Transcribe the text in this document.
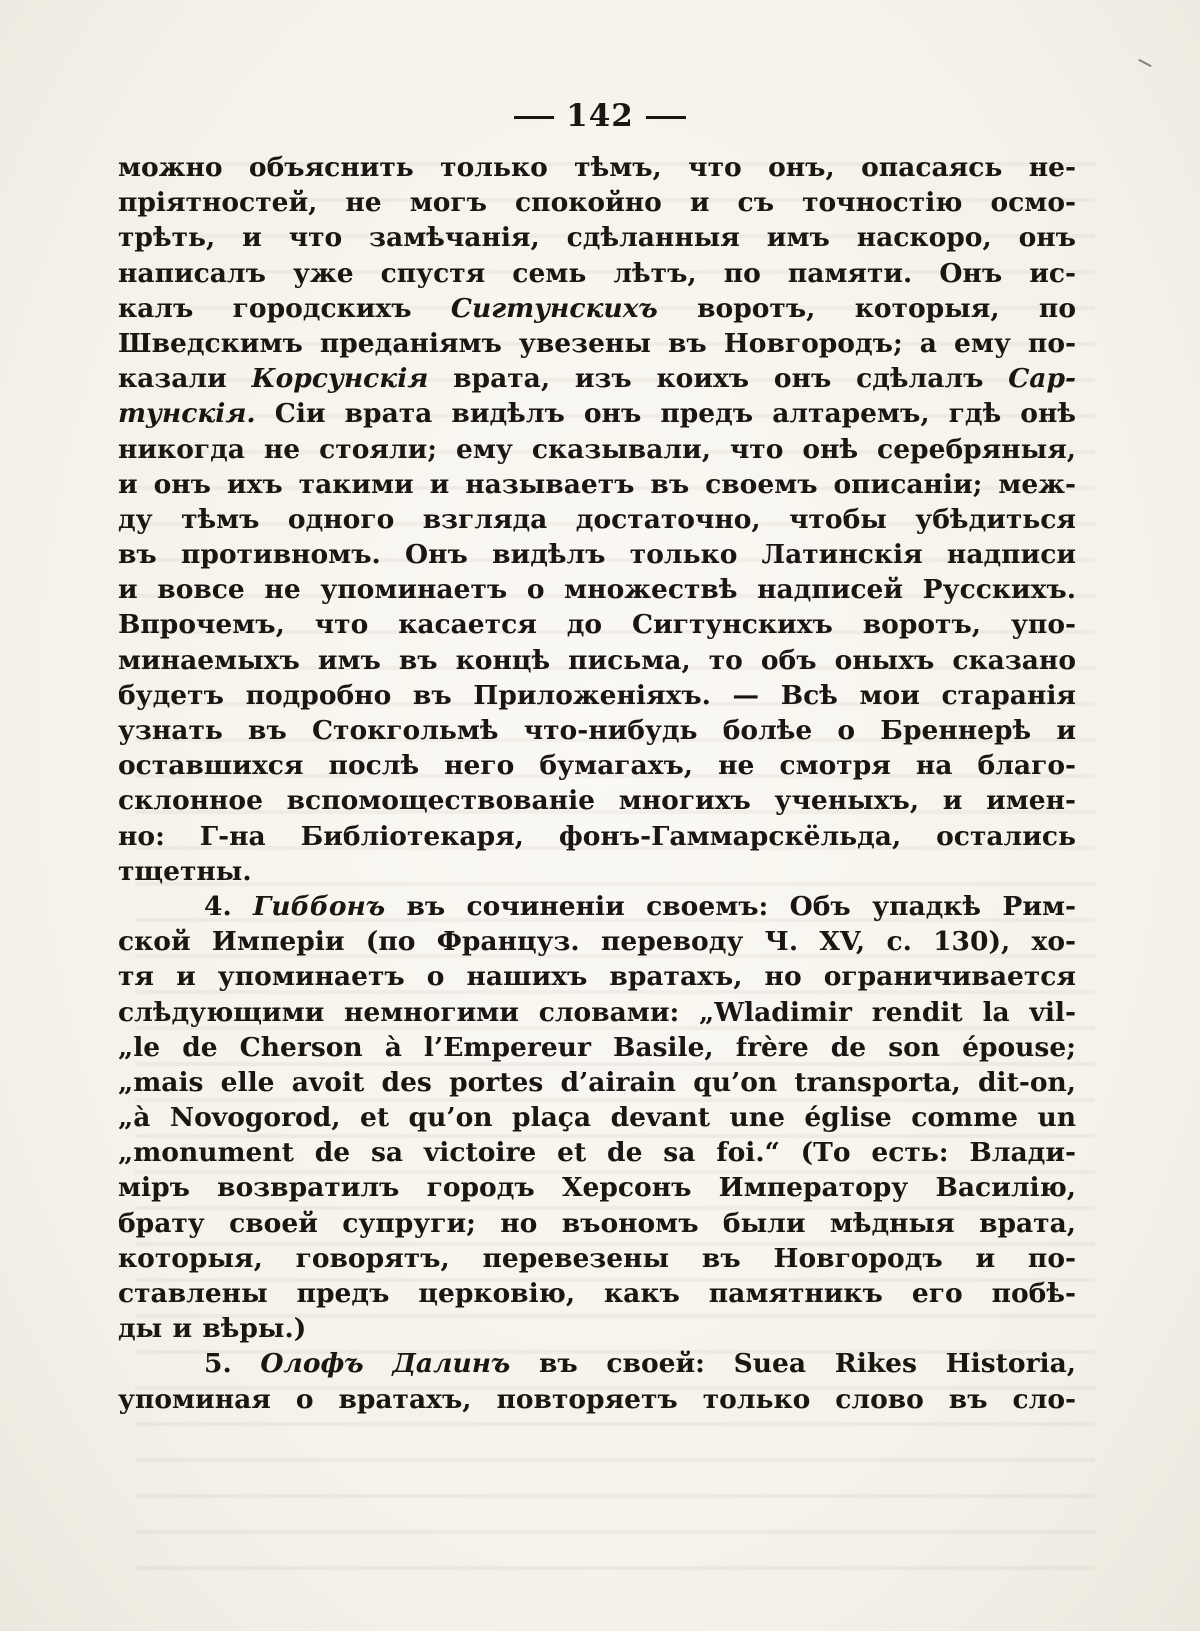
142
можно объяснить только тѣмъ, что онъ, опасаясь не-
пріятностей, не могъ спокойно и съ точностію осмо-
трѣть, и что замѣчанія, сдѣланныя имъ наскоро, онъ
написалъ уже спустя семь лѣтъ, по памяти. Онъ ис-
калъ городскихъ Сигтунскихъ воротъ, которыя, по
Шведскимъ преданіямъ увезены въ Новгородъ; а ему по-
казали Корсунскія врата, изъ коихъ онъ сдѣлалъ Сар-
тунскія. Сіи врата видѣлъ онъ предъ алтаремъ, гдѣ онѣ
никогда не стояли; ему сказывали, что онѣ серебряныя,
и онъ ихъ такими и называетъ въ своемъ описаніи; меж-
ду тѣмъ одного взгляда достаточно, чтобы убѣдиться
въ противномъ. Онъ видѣлъ только Латинскія надписи
и вовсе не упоминаетъ о множествѣ надписей Русскихъ.
Впрочемъ, что касается до Сигтунскихъ воротъ, упо-
минаемыхъ имъ въ концѣ письма, то объ оныхъ сказано
будетъ подробно въ Приложеніяхъ. — Всѣ мои старанія
узнать въ Стокгольмѣ что-нибудь болѣе о Бреннерѣ и
оставшихся послѣ него бумагахъ, не смотря на благо-
склонное вспомоществованіе многихъ ученыхъ, и имен-
но: Г-на Библіотекаря, фонъ-Гаммарскёльда, остались
тщетны.
4. Гиббонъ въ сочиненіи своемъ: Объ упадкѣ Рим-
ской Имперіи (по Француз. переводу Ч. XV, с. 130), хо-
тя и упоминаетъ о нашихъ вратахъ, но ограничивается
слѣдующими немногими словами: „Wladimir rendit la vil-
„le de Cherson à l’Empereur Basile, frère de son épouse;
„mais elle avoit des portes d’airain qu’on transporta, dit-on,
„à Novogorod, et qu’on plaça devant une église comme un
„monument de sa victoire et de sa foi.“ (То есть: Влади-
міръ возвратилъ городъ Херсонъ Императору Василію,
брату своей супруги; но въономъ были мѣдныя врата,
которыя, говорятъ, перевезены въ Новгородъ и по-
ставлены предъ церковію, какъ памятникъ его побѣ-
ды и вѣры.)
5. Олофъ Далинъ въ своей: Suea Rikes Historia,
упоминая о вратахъ, повторяетъ только слово въ сло-
